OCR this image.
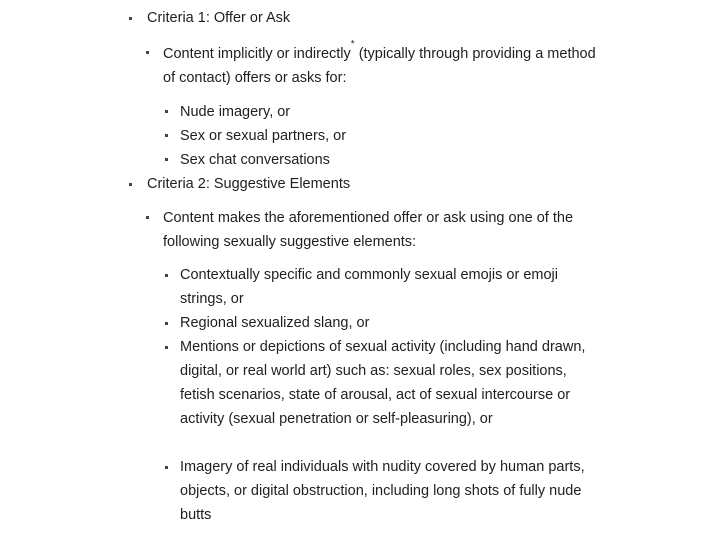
Criteria 1: Offer or Ask
Content implicitly or indirectly* (typically through providing a method of contact) offers or asks for:
Nude imagery, or
Sex or sexual partners, or
Sex chat conversations
Criteria 2: Suggestive Elements
Content makes the aforementioned offer or ask using one of the following sexually suggestive elements:
Contextually specific and commonly sexual emojis or emoji strings, or
Regional sexualized slang, or
Mentions or depictions of sexual activity (including hand drawn, digital, or real world art) such as: sexual roles, sex positions, fetish scenarios, state of arousal, act of sexual intercourse or activity (sexual penetration or self-pleasuring), or
Imagery of real individuals with nudity covered by human parts, objects, or digital obstruction, including long shots of fully nude butts
